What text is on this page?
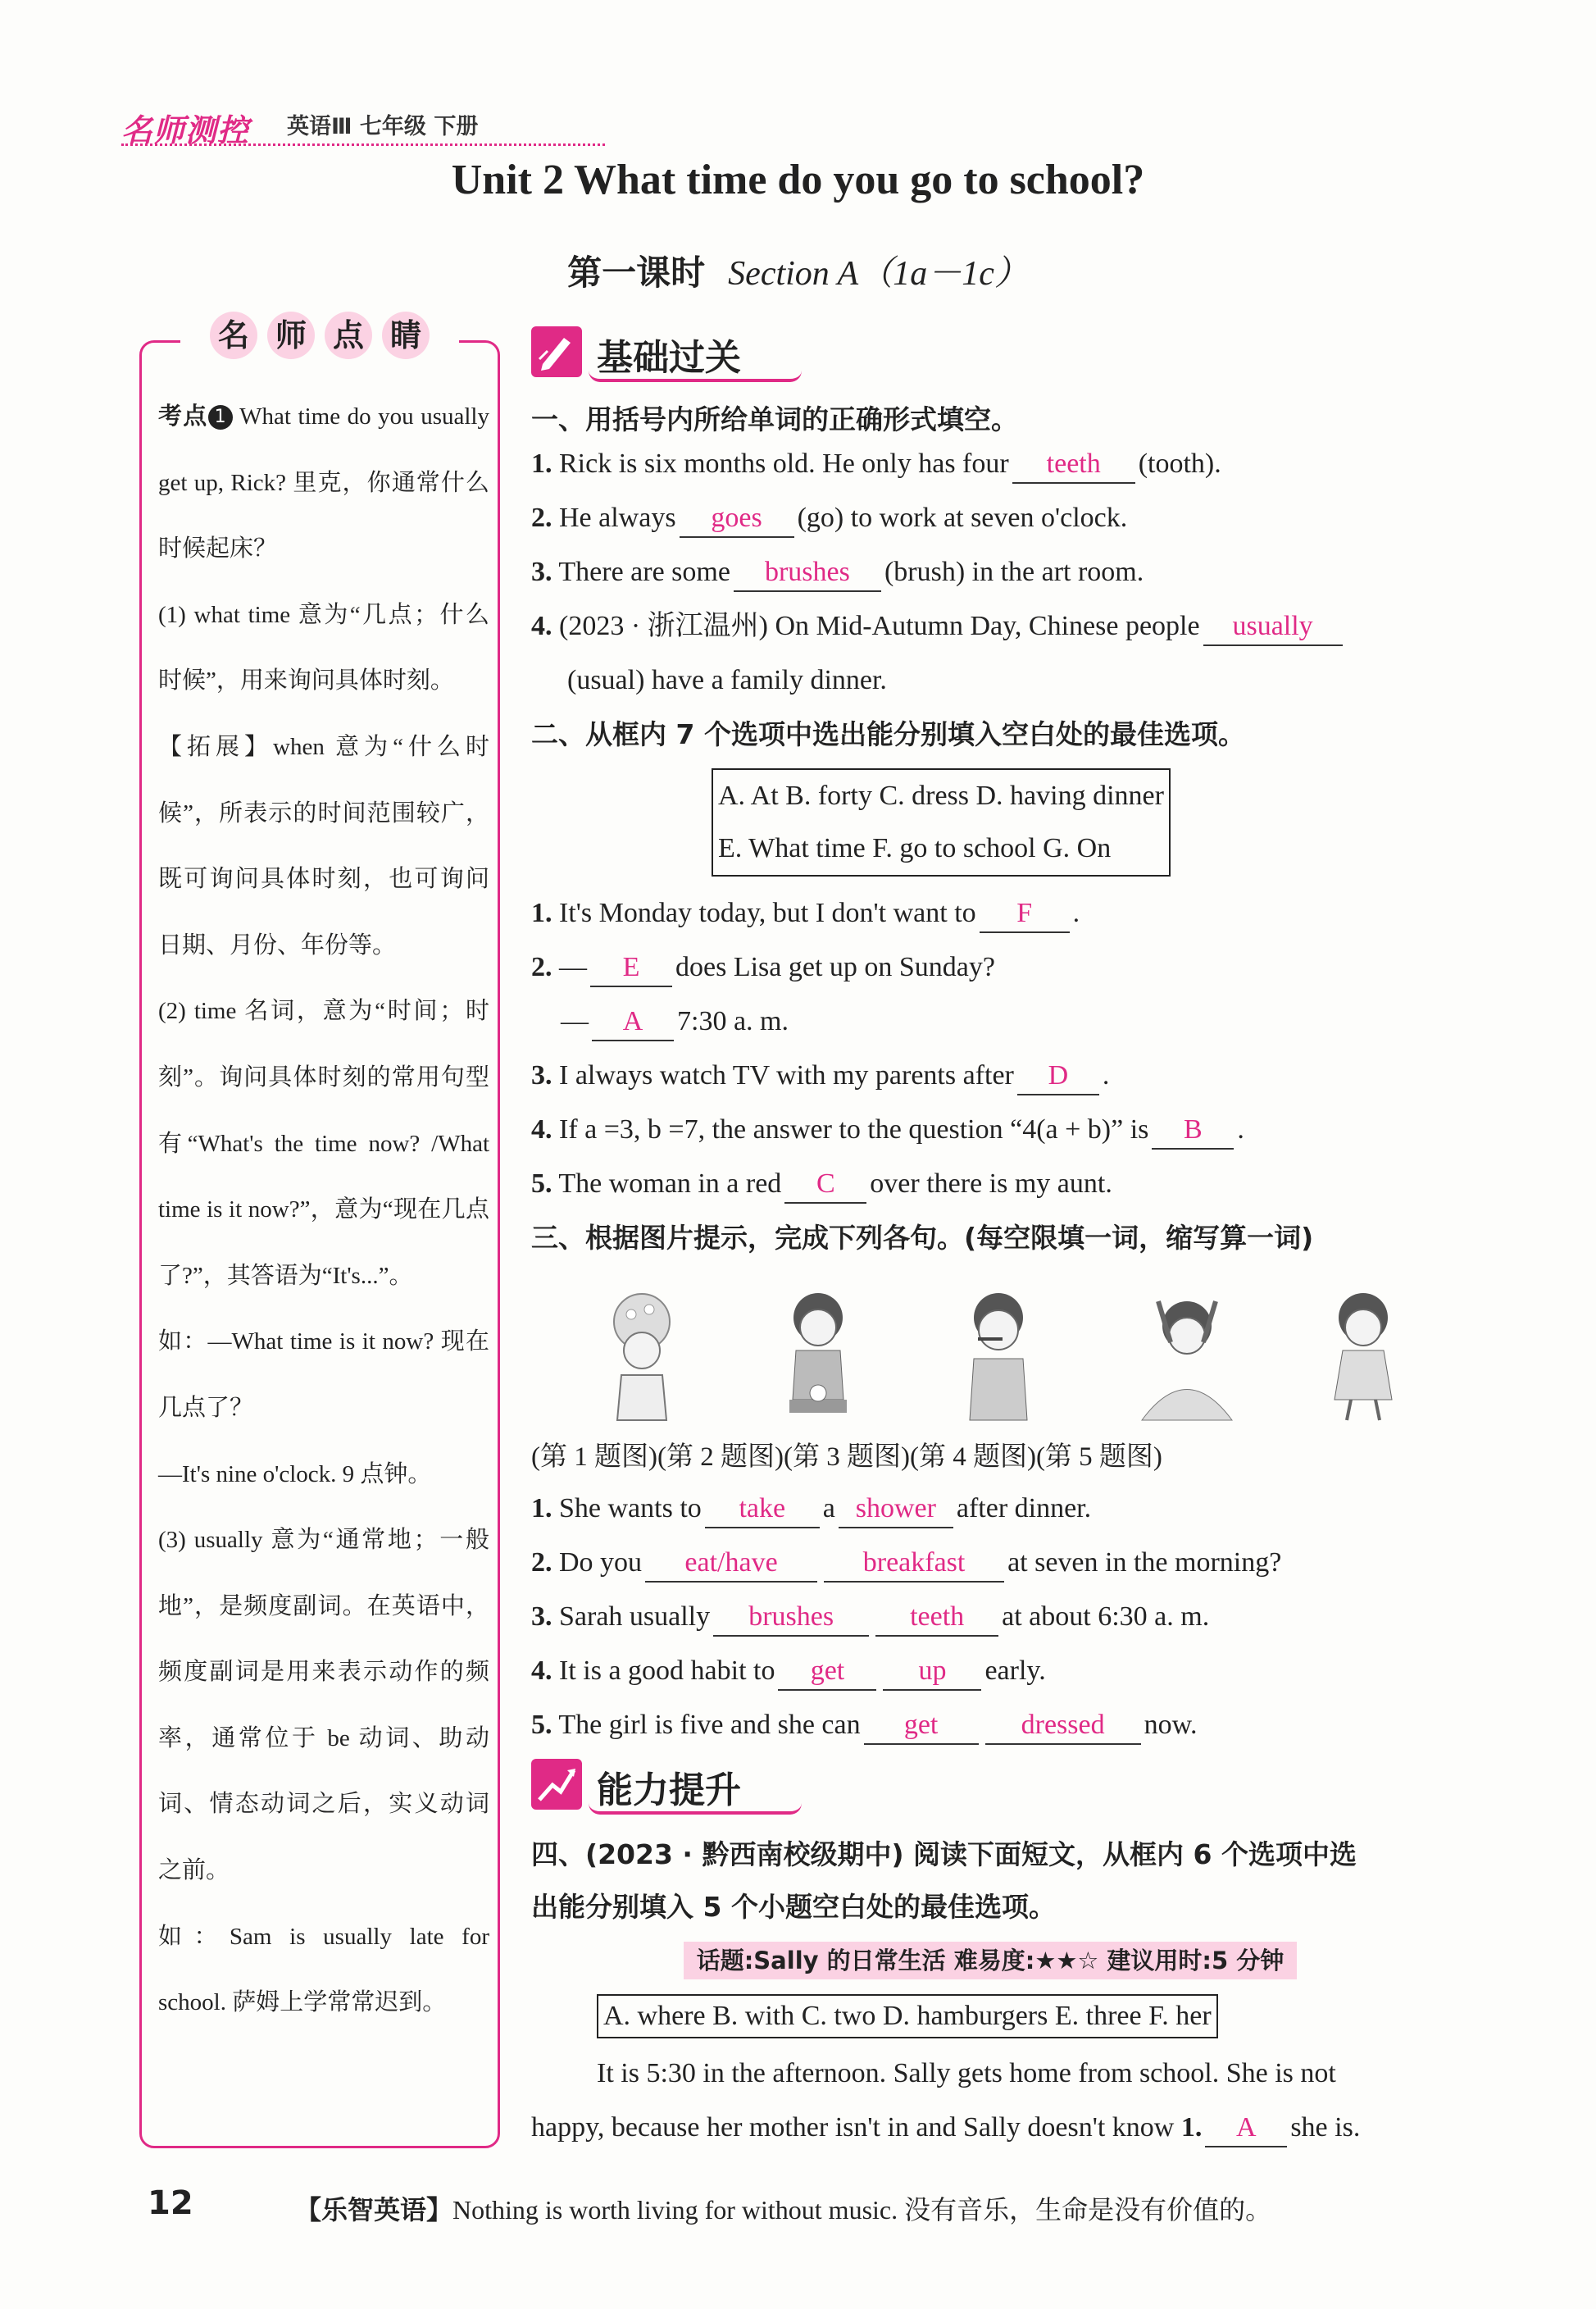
名师测控 英语Ⅲ 七年级 下册
Unit 2 What time do you go to school?
第一课时 Section A（1a－1c）
名 师 点 睛

考点 1 What time do you usually get up, Rick? 里克，你通常什么时候起床？

(1) what time 意为“几点；什么时候”，用来询问具体时刻。

【拓展】when 意为“什么时候”，所表示的时间范围较广，既可询问具体时刻，也可询问日期、月份、年份等。

(2) time 名词，意为“时间；时刻”。询问具体时刻的常用句型有“What's the time now? /What time is it now?”，意为“现在几点了?”，其答语为“It's...”。

如：—What time is it now? 现在几点了？

—It's nine o'clock. 9 点钟。

(3) usually 意为“通常地；一般地”，是频度副词。在英语中，频度副词是用来表示动作的频率，通常位于 be 动词、助动词、情态动词之后，实义动词之前。

如：Sam is usually late for school. 萨姆上学常常迟到。

基础过关
一、用括号内所给单词的正确形式填空。
1. Rick is six months old. He only has four teeth (tooth).
2. He always goes (go) to work at seven o'clock.
3. There are some brushes (brush) in the art room.
4. (2023 · 浙江温州) On Mid-Autumn Day, Chinese people usually
(usual) have a family dinner.
二、从框内 7 个选项中选出能分别填入空白处的最佳选项。
A. At B. forty C. dress D. having dinner
E. What time F. go to school G. On
1. It's Monday today, but I don't want to F .
2. — E does Lisa get up on Sunday?
— A 7:30 a. m.
3. I always watch TV with my parents after D .
4. If a =3, b =7, the answer to the question “4(a + b)” is B .
5. The woman in a red C over there is my aunt.
三、根据图片提示，完成下列各句。(每空限填一词，缩写算一词)
(第 1 题图)(第 2 题图)(第 3 题图)(第 4 题图)(第 5 题图)
1. She wants to take a shower after dinner.
2. Do you eat/have	breakfast at seven in the morning?
3. Sarah usually brushes	teeth at about 6:30 a. m.
4. It is a good habit to get	up early.
5. The girl is five and she can get	dressed now.
能力提升
四、(2023 · 黔西南校级期中) 阅读下面短文，从框内 6 个选项中选
出能分别填入 5 个小题空白处的最佳选项。
话题:Sally 的日常生活 难易度:★★☆ 建议用时:5 分钟
A. where B. with C. two D. hamburgers E. three F. her
It is 5:30 in the afternoon. Sally gets home from school. She is not
happy, because her mother isn't in and Sally doesn't know 1. A she is.
12	【乐智英语】Nothing is worth living for without music. 没有音乐，生命是没有价值的。
